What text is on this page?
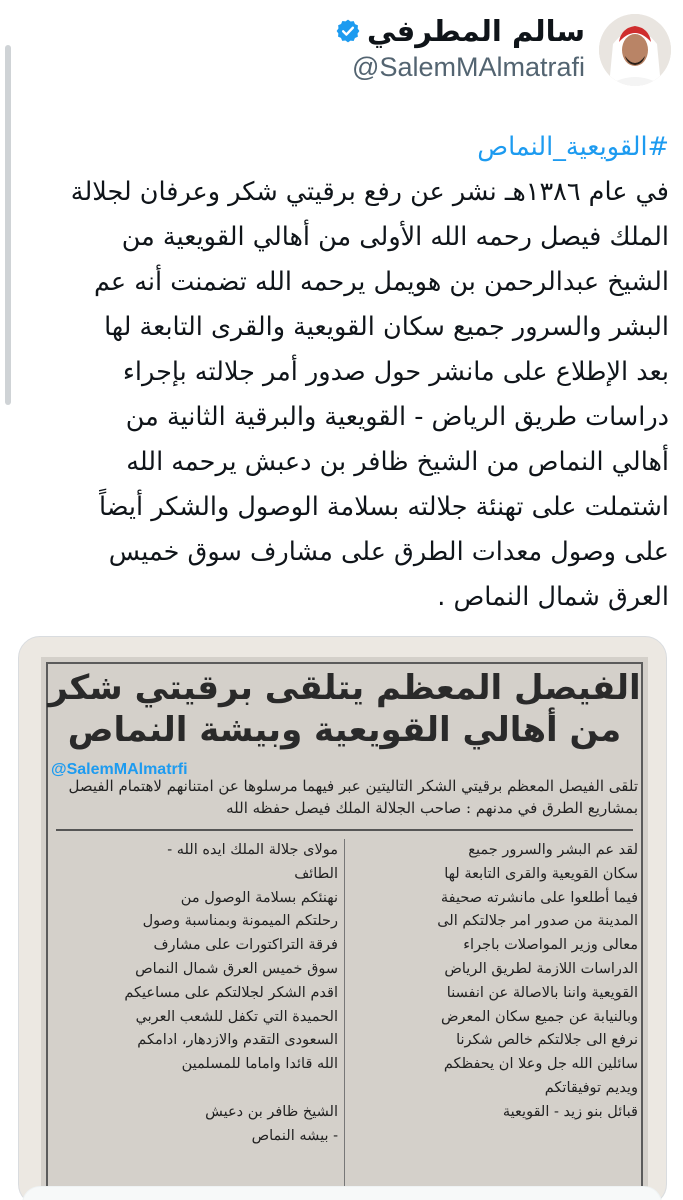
سالم المطرفي
@SalemMAlmatrafi
#القويعية_النماص
في عام ١٣٨٦هـ نشر عن رفع برقيتي شكر وعرفان لجلالة
الملك فيصل رحمه الله الأولى من أهالي القويعية من
الشيخ عبدالرحمن بن هويمل يرحمه الله تضمنت أنه عم
البشر والسرور جميع سكان القويعية والقرى التابعة لها
بعد الإطلاع على مانشر حول صدور أمر جلالته بإجراء
دراسات طريق الرياض - القويعية والبرقية الثانية من
أهالي النماص من الشيخ ظافر بن دعبش يرحمه الله
اشتملت على تهنئة جلالته بسلامة الوصول والشكر أيضاً
على وصول معدات الطرق على مشارف سوق خميس
العرق شمال النماص .
الفيصل المعظم يتلقى برقيتي شكر
من أهالي القويعية وبيشة النماص
@SalemMAlmatrfi
تلقى الفيصل المعظم برقيتي الشكر التاليتين عبر فيهما مرسلوها عن امتنانهم لاهتمام الفيصل بمشاريع الطرق في مدنهم : صاحب الجلالة الملك فيصل حفظه الله
لقد عم البشر والسرور جميع
سكان القويعية والقرى التابعة لها
فيما أطلعوا على مانشرته صحيفة
المدينة من صدور امر جلالتكم الى
معالى وزير المواصلات باجراء
الدراسات اللازمة لطريق الرياض
القويعية واننا بالاصالة عن انفسنا
وبالنيابة عن جميع سكان المعرض
نرفع الى جلالتكم خالص شكرنا
سائلين الله جل وعلا ان يحفظكم
ويديم توفيقاتكم
قبائل بنو زيد - القويعية
مولاى جلالة الملك ايده الله -
الطائف
نهنئكم بسلامة الوصول من
رحلتكم الميمونة وبمناسبة وصول
فرقة التراكتورات على مشارف
سوق خميس العرق شمال النماص
اقدم الشكر لجلالتكم على مساعيكم
الحميدة التي تكفل للشعب العربي
السعودى التقدم والازدهار، ادامكم
الله قائدا واماما للمسلمين
الشيخ ظافر بن دعيش
- بيشه النماص
